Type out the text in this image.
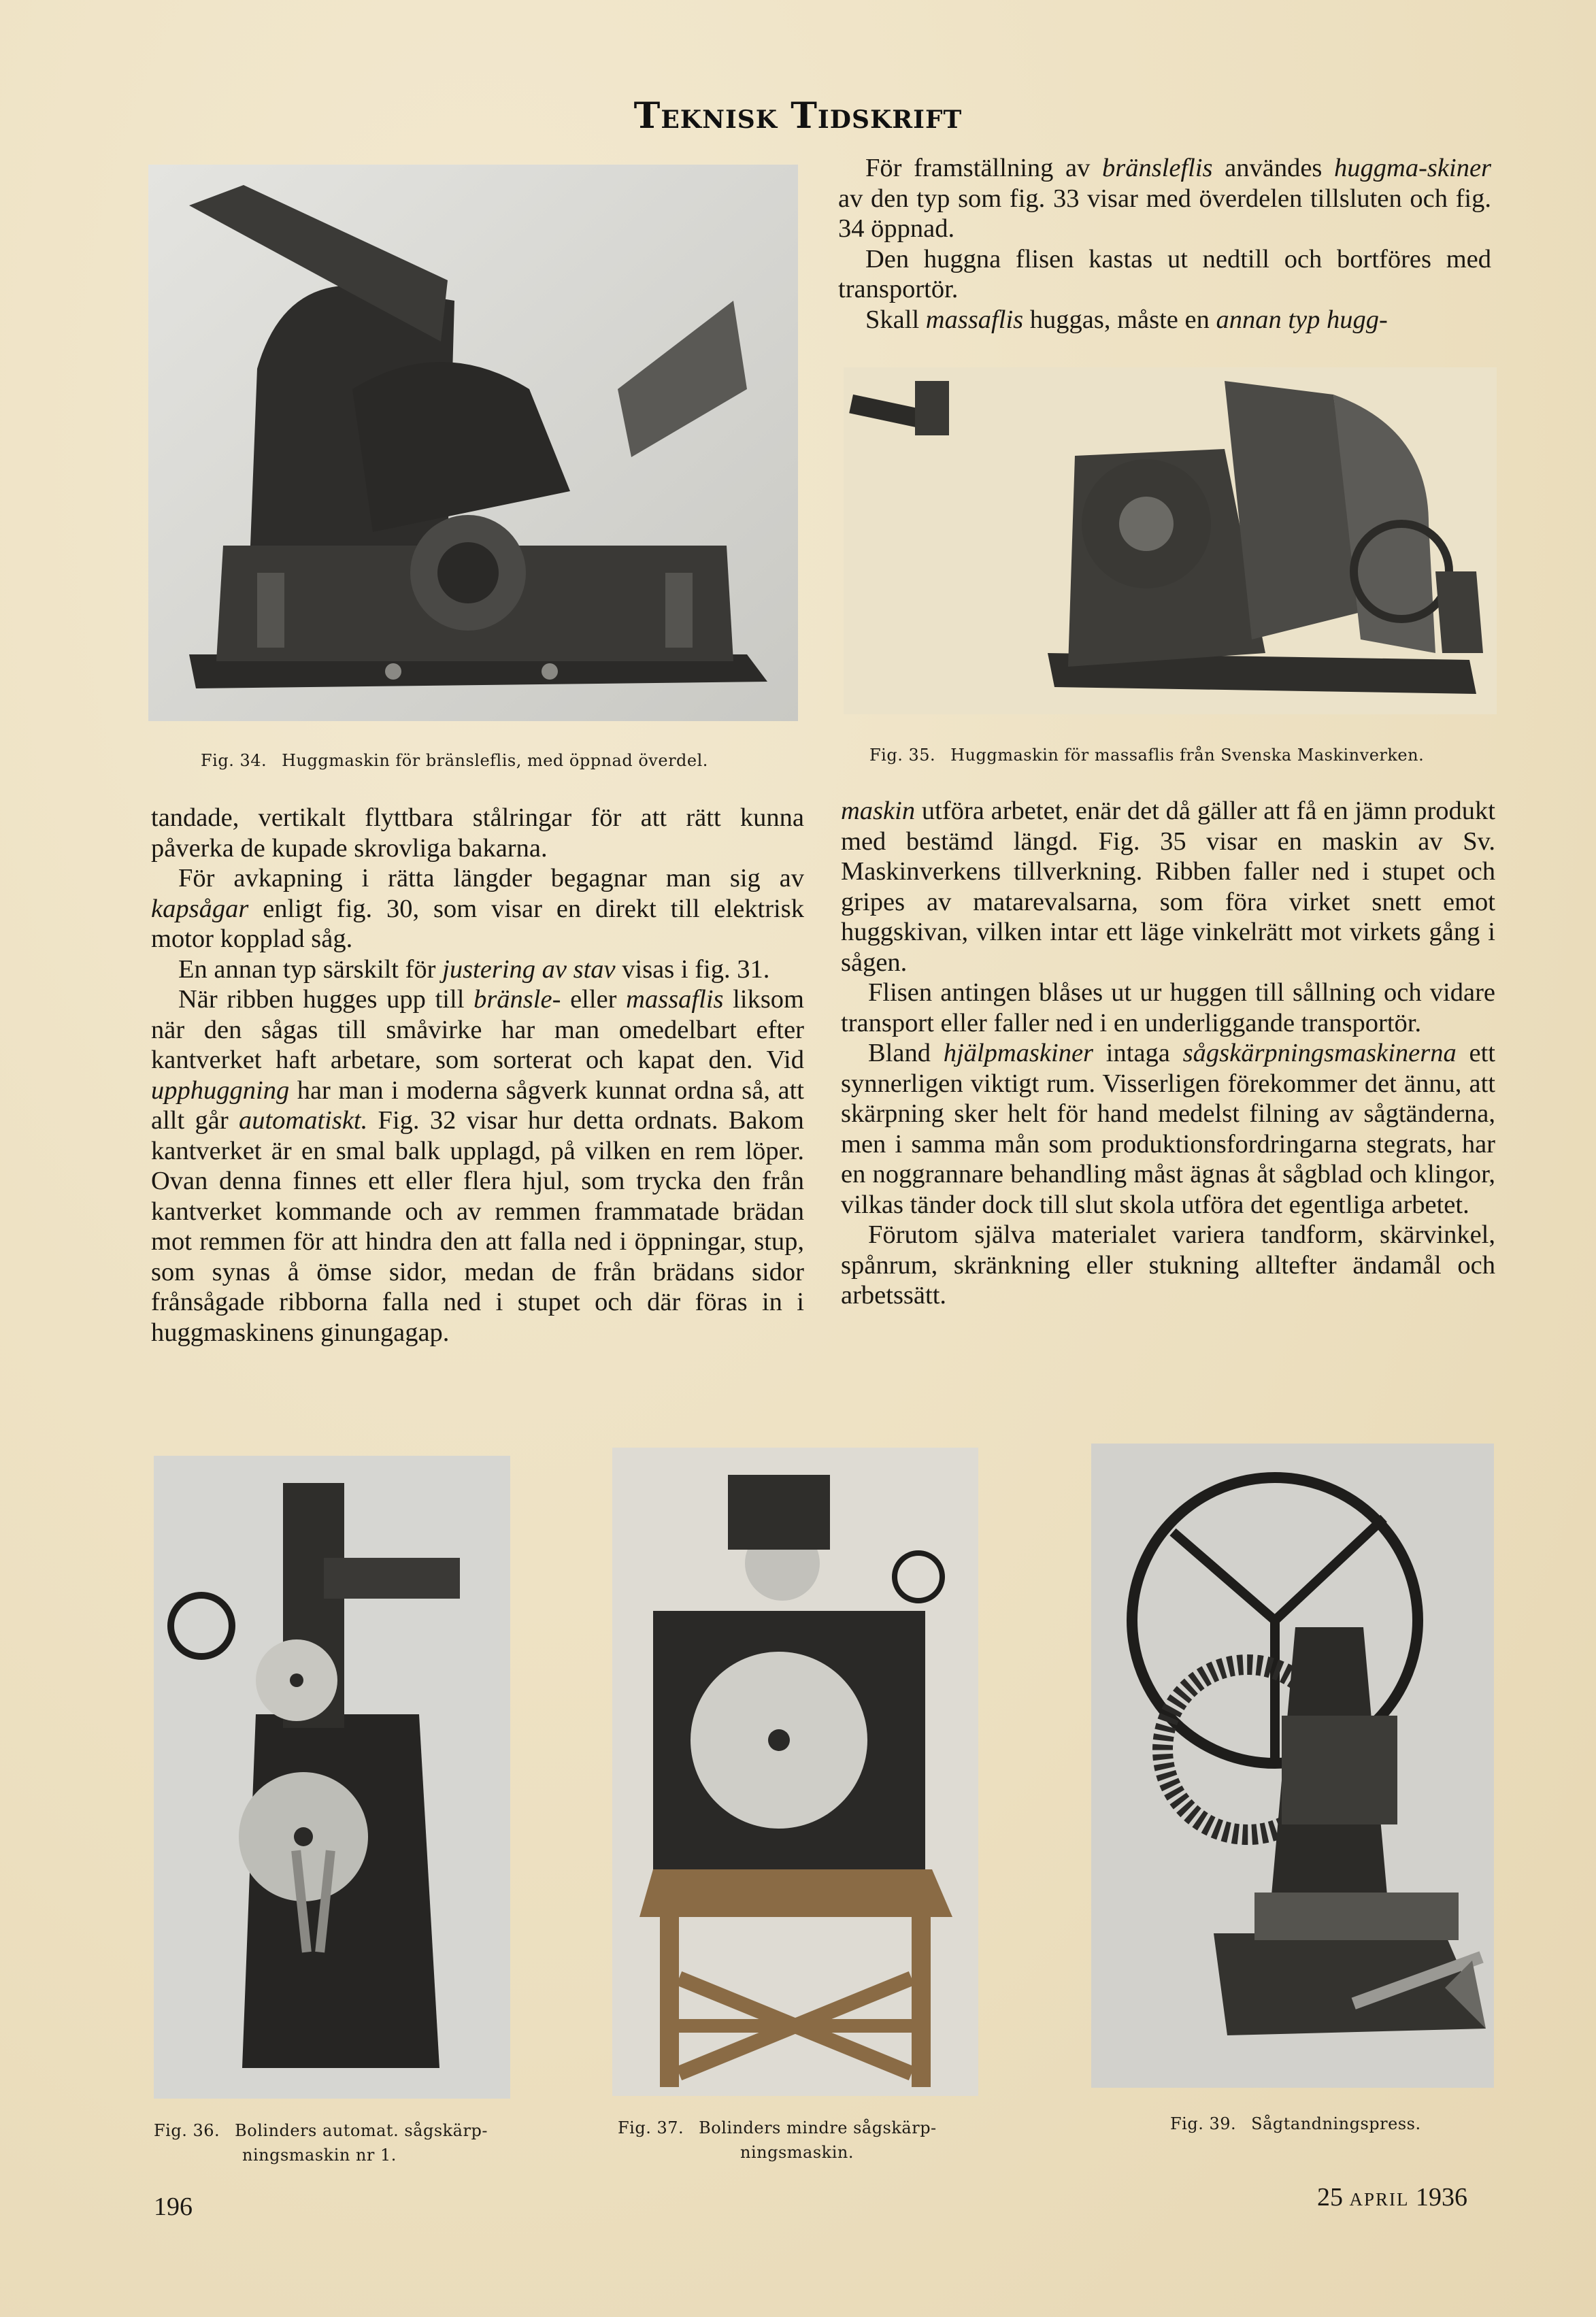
Teknisk Tidskrift

För framställning av bränsleflis användes huggma-skiner av den typ som fig. 33 visar med överdelen tillsluten och fig. 34 öppnad.

Den huggna flisen kastas ut nedtill och bortföres med transportör.

Skall massaflis huggas, måste en annan typ hugg-

Fig. 34. Huggmaskin för bränsleflis, med öppnad överdel.	Fig. 35. Huggmaskin för massaflis från Svenska Maskinverken.

tandade, vertikalt flyttbara stålringar för att rätt kunna påverka de kupade skrovliga bakarna.

För avkapning i rätta längder begagnar man sig av kapsågar enligt fig. 30, som visar en direkt till elektrisk motor kopplad såg.

En annan typ särskilt för justering av stav visas i fig. 31.

När ribben hugges upp till bränsle- eller massaflis liksom när den sågas till småvirke har man omedelbart efter kantverket haft arbetare, som sorterat och kapat den. Vid upphuggning har man i moderna sågverk kunnat ordna så, att allt går automatiskt. Fig. 32 visar hur detta ordnats. Bakom kantverket är en smal balk upplagd, på vilken en rem löper. Ovan denna finnes ett eller flera hjul, som trycka den från kantverket kommande och av remmen frammatade brädan mot remmen för att hindra den att falla ned i öppningar, stup, som synas å ömse sidor, medan de från brädans sidor frånsågade ribborna falla ned i stupet och där föras in i huggmaskinens ginungagap.

maskin utföra arbetet, enär det då gäller att få en jämn produkt med bestämd längd. Fig. 35 visar en maskin av Sv. Maskinverkens tillverkning. Ribben faller ned i stupet och gripes av matarevalsarna, som föra virket snett emot huggskivan, vilken intar ett läge vinkelrätt mot virkets gång i sågen.

Flisen antingen blåses ut ur huggen till sållning och vidare transport eller faller ned i en underliggande transportör.

Bland hjälpmaskiner intaga sågskärpningsmaskinerna ett synnerligen viktigt rum. Visserligen förekommer det ännu, att skärpning sker helt för hand medelst filning av sågtänderna, men i samma mån som produktionsfordringarna stegrats, har en noggrannare behandling måst ägnas åt sågblad och klingor, vilkas tänder dock till slut skola utföra det egentliga arbetet.

Förutom själva materialet variera tandform, skärvinkel, spånrum, skränkning eller stukning alltefter ändamål och arbetssätt.

Fig. 36. Bolinders automat. sågskärp-
ningsmaskin nr 1.
Fig. 37. Bolinders mindre sågskärp-
ningsmaskin.
Fig. 39. Sågtandningspress.
196	25 april 1936
